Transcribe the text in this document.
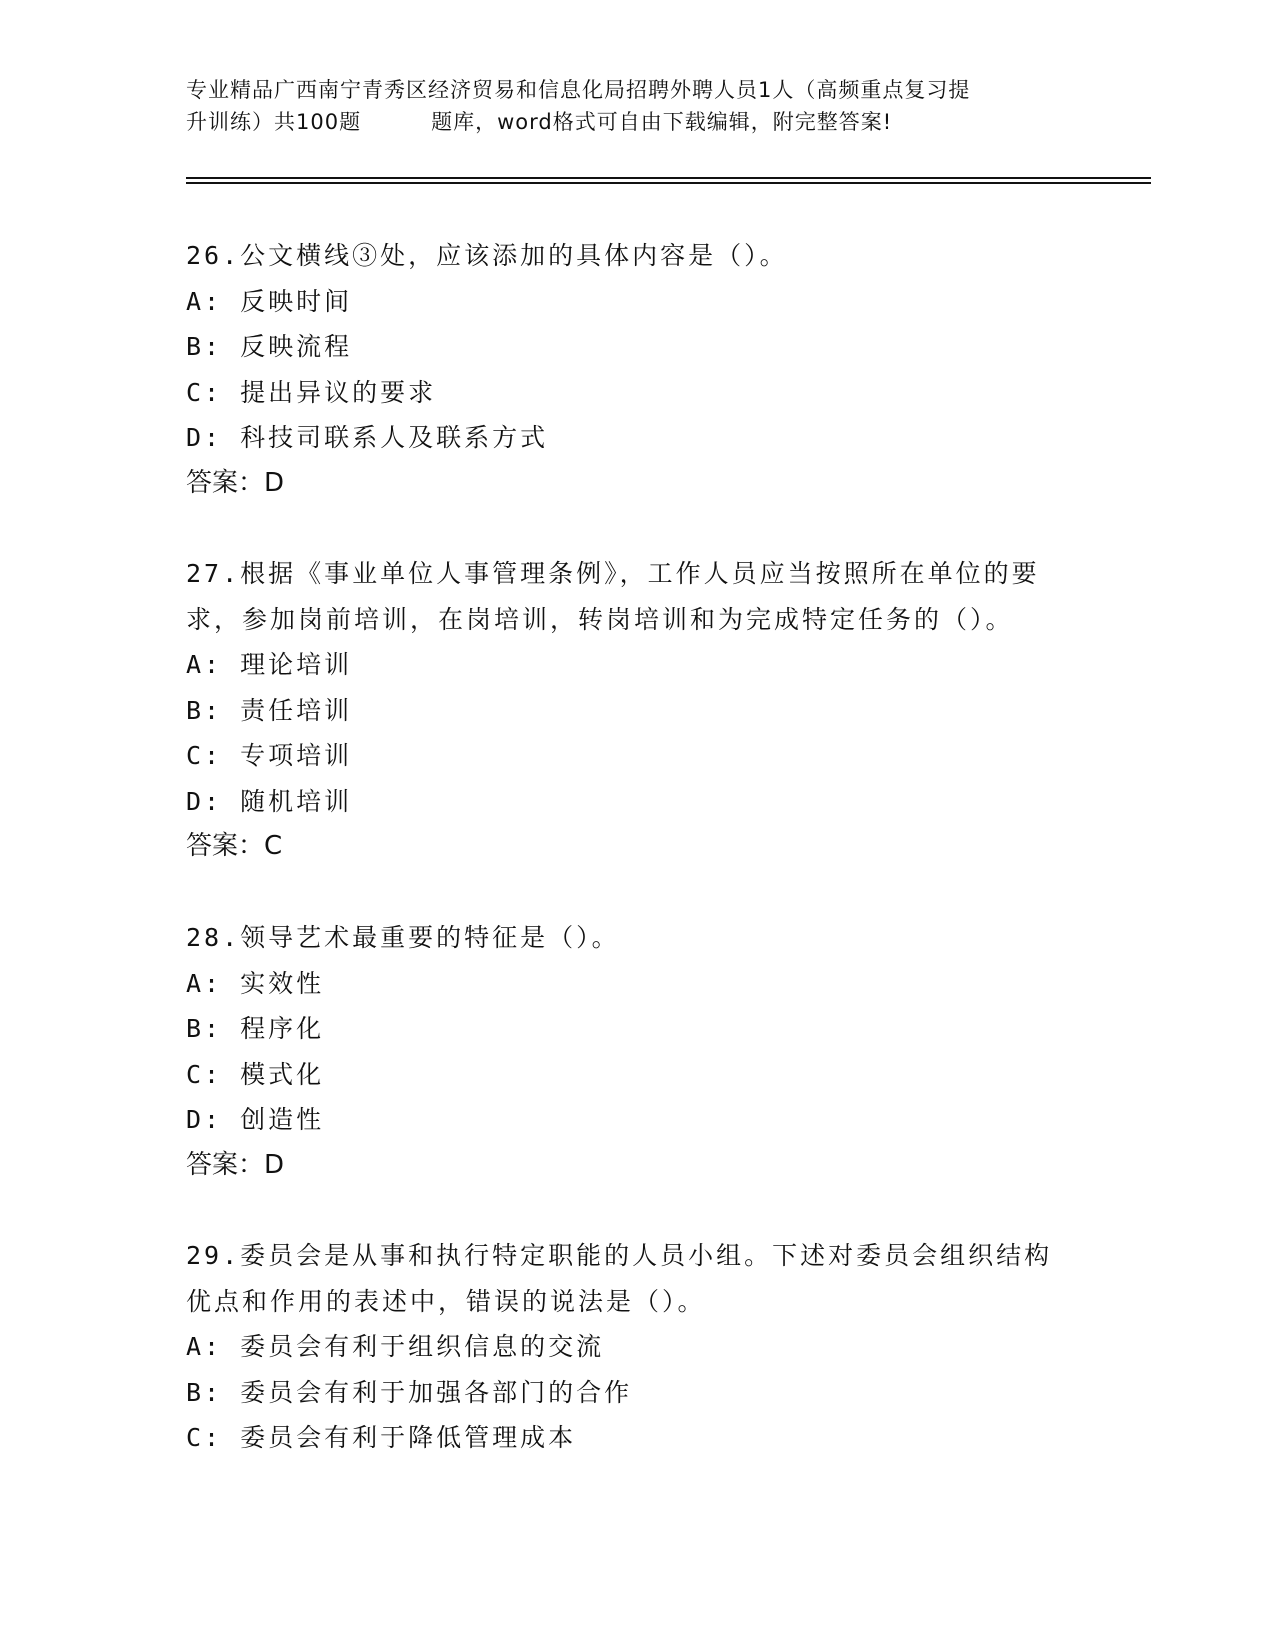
专业精品广西南宁青秀区经济贸易和信息化局招聘外聘人员1人（高频重点复习提
升训练）共100题	题库，word格式可自由下载编辑，附完整答案!
26.公文横线③处，应该添加的具体内容是（）。
A: 反映时间
B: 反映流程
C: 提出异议的要求
D: 科技司联系人及联系方式
答案：D
27.根据《事业单位人事管理条例》，工作人员应当按照所在单位的要
求，参加岗前培训，在岗培训，转岗培训和为完成特定任务的（）。
A: 理论培训
B: 责任培训
C: 专项培训
D: 随机培训
答案：C
28.领导艺术最重要的特征是（）。
A: 实效性
B: 程序化
C: 模式化
D: 创造性
答案：D
29.委员会是从事和执行特定职能的人员小组。下述对委员会组织结构
优点和作用的表述中，错误的说法是（）。
A: 委员会有利于组织信息的交流
B: 委员会有利于加强各部门的合作
C: 委员会有利于降低管理成本
